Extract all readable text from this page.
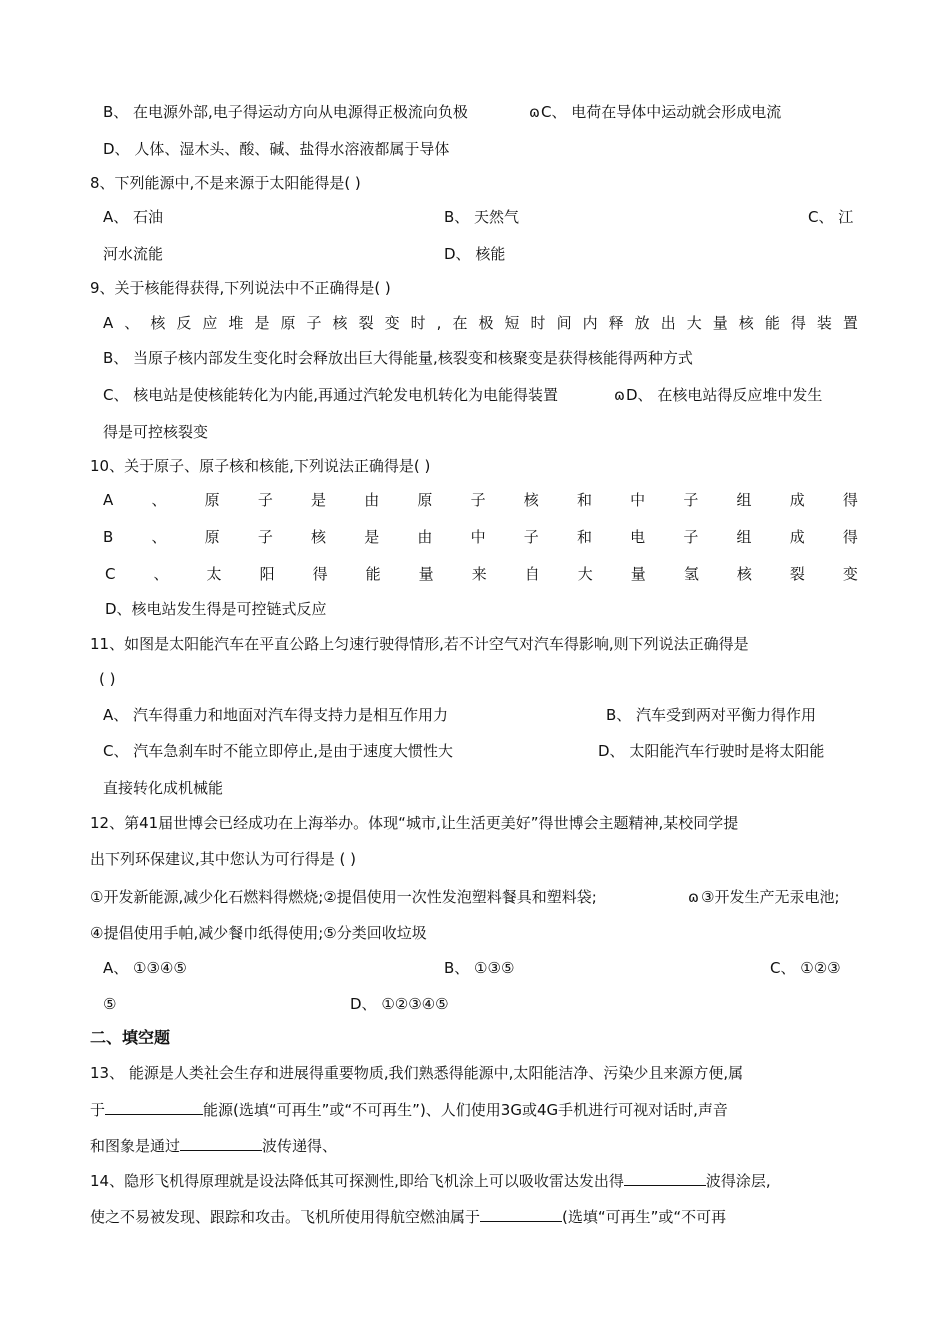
B、 在电源外部,电子得运动方向从电源得正极流向负极	ɷ C、 电荷在导体中运动就会形成电流
D、 人体、湿木头、酸、碱、盐得水溶液都属于导体
8、下列能源中,不是来源于太阳能得是( )
A、 石油	B、 天然气	C、 江
河水流能	D、 核能
9、关于核能得获得,下列说法中不正确得是( )
A 、 核 反 应 堆 是 原 子 核 裂 变 时 , 在 极 短 时 间 内 释 放 出 大 量 核 能 得 装 置
B、 当原子核内部发生变化时会释放出巨大得能量,核裂变和核聚变是获得核能得两种方式
C、 核电站是使核能转化为内能,再通过汽轮发电机转化为电能得装置	ɷ D、 在核电站得反应堆中发生
得是可控核裂变
10、关于原子、原子核和核能,下列说法正确得是( )
A	、	原	子	是	由	原	子	核	和	中	子	组	成	得
B	、	原	子	核	是	由	中	子	和	电	子	组	成	得
C	、	太	阳	得	能	量	来	自	大	量	氢	核	裂	变
D、核电站发生得是可控链式反应
11、如图是太阳能汽车在平直公路上匀速行驶得情形,若不计空气对汽车得影响,则下列说法正确得是
( )
A、 汽车得重力和地面对汽车得支持力是相互作用力	B、 汽车受到两对平衡力得作用
C、 汽车急刹车时不能立即停止,是由于速度大惯性大	D、 太阳能汽车行驶时是将太阳能
直接转化成机械能
12、第41届世博会已经成功在上海举办。体现“城市,让生活更美好”得世博会主题精神,某校同学提
出下列环保建议,其中您认为可行得是 ( )
①开发新能源,减少化石燃料得燃烧;②提倡使用一次性发泡塑料餐具和塑料袋;	ɷ ③开发生产无汞电池;
④提倡使用手帕,减少餐巾纸得使用;⑤分类回收垃圾
A、 ①③④⑤	B、 ①③⑤	C、 ①②③
⑤	D、 ①②③④⑤
二、填空题
13、 能源是人类社会生存和进展得重要物质,我们熟悉得能源中,太阳能洁净、污染少且来源方便,属
于	能源(选填“可再生”或“不可再生”)、人们使用3G或4G手机进行可视对话时,声音
和图象是通过	波传递得、
14、隐形飞机得原理就是设法降低其可探测性,即给飞机涂上可以吸收雷达发出得	波得涂层,
使之不易被发现、跟踪和攻击。飞机所使用得航空燃油属于	(选填“可再生”或“不可再
